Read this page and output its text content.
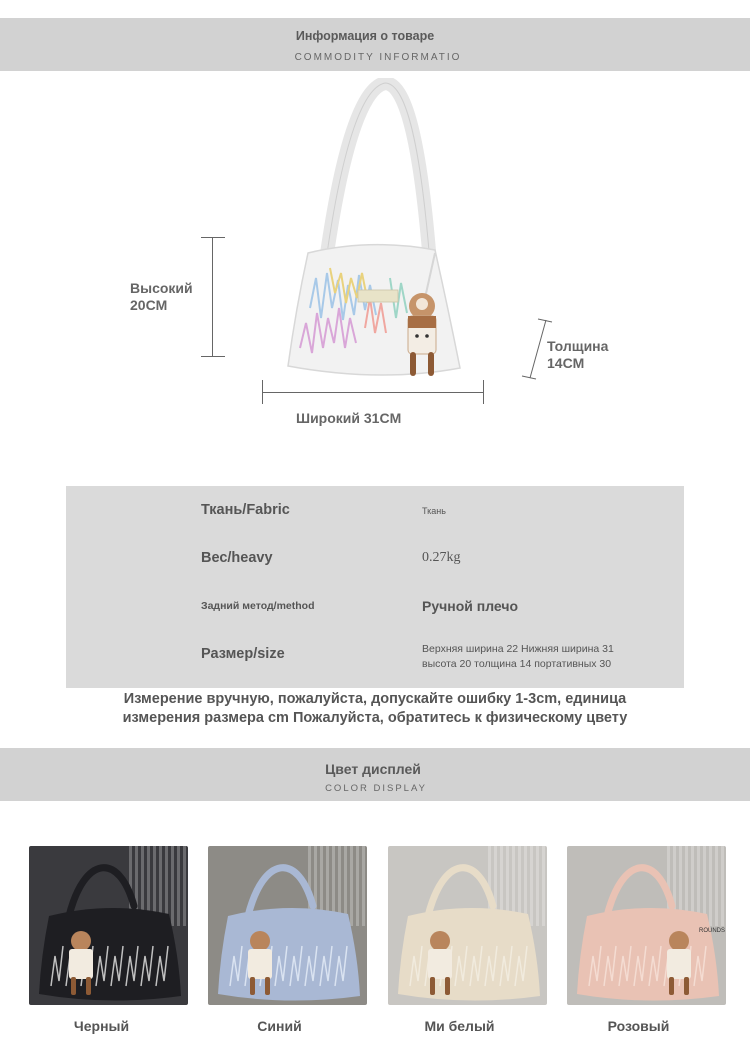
Информация о товаре
COMMODITY INFORMATIO
Высокий
20CM
Толщина
14CM
Широкий 31CM
Ткань/Fabric	Ткань
Вес/heavy	0.27kg
Задний метод/method	Ручной плечо
Размер/size	Верхняя ширина 22 Нижняя ширина 31
высота 20 толщина 14 портативных 30
Измерение вручную, пожалуйста, допускайте ошибку 1-3cm, единица
измерения размера cm Пожалуйста, обратитесь к физическому цвету
Цвет дисплей
COLOR DISPLAY
ROUNDS
Черный	Синий	Ми белый	Розовый
